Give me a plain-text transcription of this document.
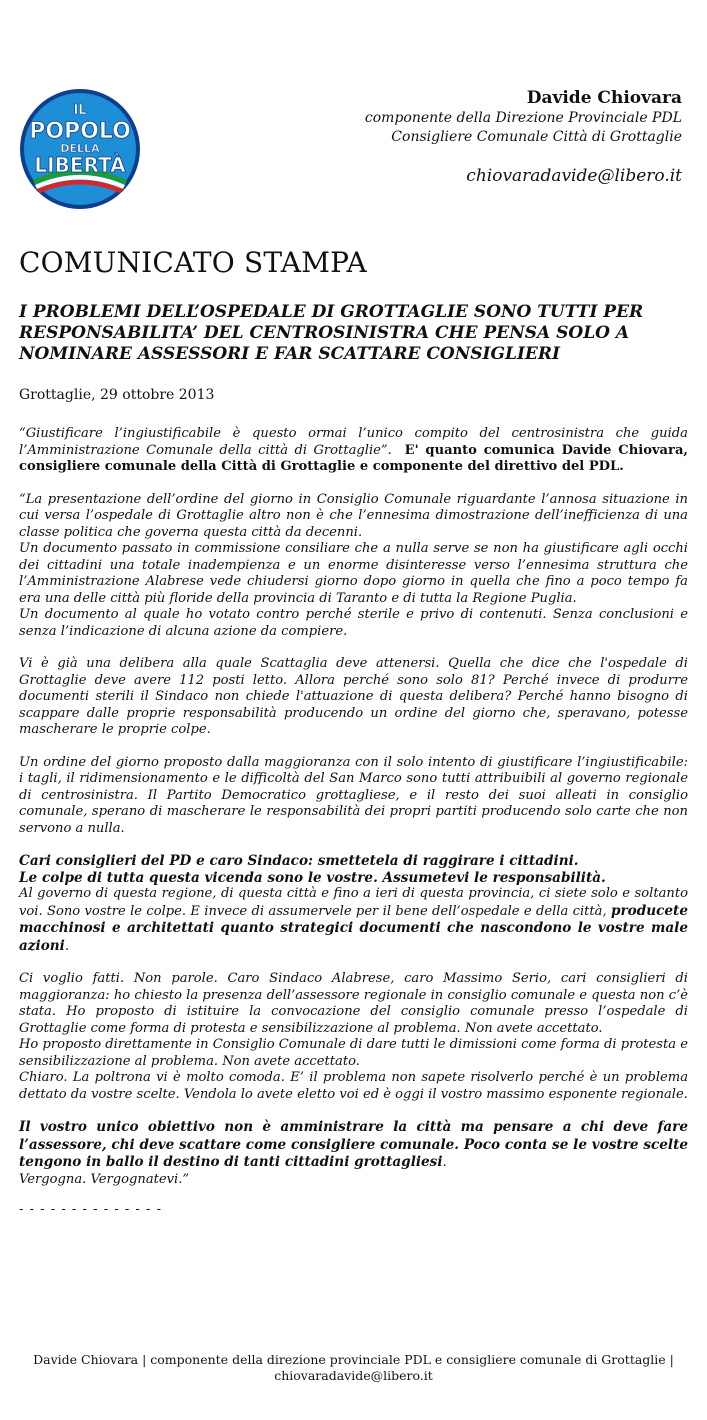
IL
POPOLO
DELLA
LIBERTÀ
Davide Chiovara
componente della Direzione Provinciale PDL
Consigliere Comunale Città di Grottaglie
chiovaradavide@libero.it
COMUNICATO STAMPA
I PROBLEMI DELL’OSPEDALE DI GROTTAGLIE SONO TUTTI PER RESPONSABILITA’ DEL CENTROSINISTRA CHE PENSA SOLO A NOMINARE ASSESSORI E FAR SCATTARE CONSIGLIERI
Grottaglie, 29 ottobre 2013

“Giustificare l’ingiustificabile è questo ormai l’unico compito del centrosinistra che guida l’Amministrazione Comunale della città di Grottaglie”. E' quanto comunica Davide Chiovara, consigliere comunale della Città di Grottaglie e componente del direttivo del PDL.

“La presentazione dell’ordine del giorno in Consiglio Comunale riguardante l’annosa situazione in cui versa l’ospedale di Grottaglie altro non è che l’ennesima dimostrazione dell’inefficienza di una classe politica che governa questa città da decenni.

Un documento passato in commissione consiliare che a nulla serve se non ha giustificare agli occhi dei cittadini una totale inadempienza e un enorme disinteresse verso l’ennesima struttura che l’Amministrazione Alabrese vede chiudersi giorno dopo giorno in quella che fino a poco tempo fa era una delle città più floride della provincia di Taranto e di tutta la Regione Puglia.

Un documento al quale ho votato contro perché sterile e privo di contenuti. Senza conclusioni e senza l’indicazione di alcuna azione da compiere.

Vi è già una delibera alla quale Scattaglia deve attenersi. Quella che dice che l'ospedale di Grottaglie deve avere 112 posti letto. Allora perché sono solo 81? Perché invece di produrre documenti sterili il Sindaco non chiede l'attuazione di questa delibera? Perché hanno bisogno di scappare dalle proprie responsabilità producendo un ordine del giorno che, speravano, potesse mascherare le proprie colpe.

Un ordine del giorno proposto dalla maggioranza con il solo intento di giustificare l’ingiustificabile: i tagli, il ridimensionamento e le difficoltà del San Marco sono tutti attribuibili al governo regionale di centrosinistra. Il Partito Democratico grottagliese, e il resto dei suoi alleati in consiglio comunale, sperano di mascherare le responsabilità dei propri partiti producendo solo carte che non servono a nulla.

Cari consiglieri del PD e caro Sindaco: smettetela di raggirare i cittadini.

Le colpe di tutta questa vicenda sono le vostre. Assumetevi le responsabilità.

Al governo di questa regione, di questa città e fino a ieri di questa provincia, ci siete solo e soltanto voi. Sono vostre le colpe. E invece di assumervele per il bene dell’ospedale e della città, producete macchinosi e architettati quanto strategici documenti che nascondono le vostre male azioni.

Ci voglio fatti. Non parole. Caro Sindaco Alabrese, caro Massimo Serio, cari consiglieri di maggioranza: ho chiesto la presenza dell’assessore regionale in consiglio comunale e questa non c’è stata. Ho proposto di istituire la convocazione del consiglio comunale presso l’ospedale di Grottaglie come forma di protesta e sensibilizzazione al problema. Non avete accettato.

Ho proposto direttamente in Consiglio Comunale di dare tutti le dimissioni come forma di protesta e sensibilizzazione al problema. Non avete accettato.

Chiaro. La poltrona vi è molto comoda. E’ il problema non sapete risolverlo perché è un problema dettato da vostre scelte. Vendola lo avete eletto voi ed è oggi il vostro massimo esponente regionale.

Il vostro unico obiettivo non è amministrare la città ma pensare a chi deve fare l’assessore, chi deve scattare come consigliere comunale. Poco conta se le vostre scelte tengono in ballo il destino di tanti cittadini grottagliesi.

Vergogna. Vergognatevi.”

- - - - - - - - - - - - - -
Davide Chiovara | componente della direzione provinciale PDL e consigliere comunale di Grottaglie |
chiovaradavide@libero.it
